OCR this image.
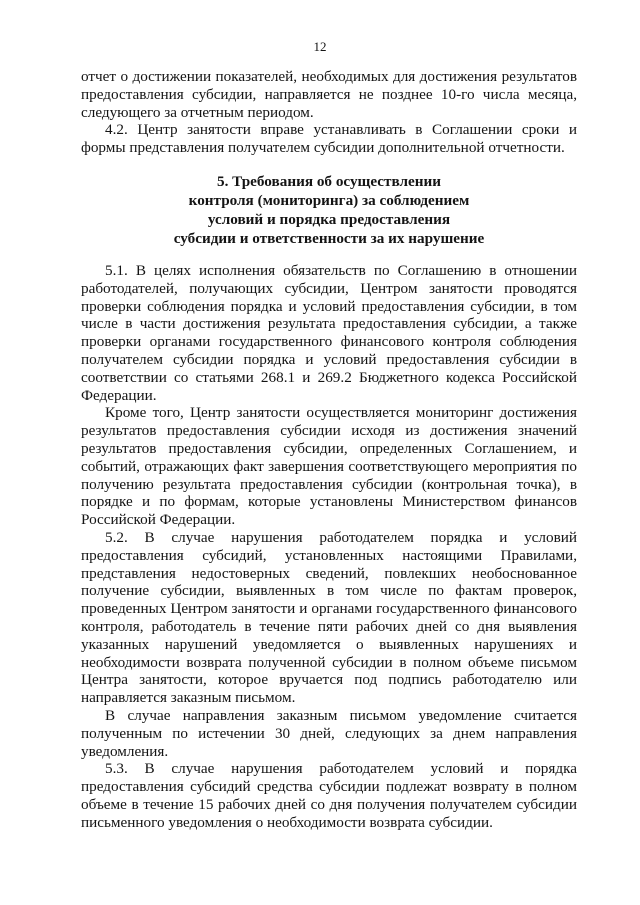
12

отчет о достижении показателей, необходимых для достижения результатов предоставления субсидии, направляется не позднее 10-го числа месяца, следующего за отчетным периодом.

4.2. Центр занятости вправе устанавливать в Соглашении сроки и формы представления получателем субсидии дополнительной отчетности.

5. Требования об осуществлении
контроля (мониторинга) за соблюдением
условий и порядка предоставления
субсидии и ответственности за их нарушение

5.1. В целях исполнения обязательств по Соглашению в отношении работодателей, получающих субсидии, Центром занятости проводятся проверки соблюдения порядка и условий предоставления субсидии, в том числе в части достижения результата предоставления субсидии, а также проверки органами государственного финансового контроля соблюдения получателем субсидии порядка и условий предоставления субсидии в соответствии со статьями 268.1 и 269.2 Бюджетного кодекса Российской Федерации.

Кроме того, Центр занятости осуществляется мониторинг достижения результатов предоставления субсидии исходя из достижения значений результатов предоставления субсидии, определенных Соглашением, и событий, отражающих факт завершения соответствующего мероприятия по получению результата предоставления субсидии (контрольная точка), в порядке и по формам, которые установлены Министерством финансов Российской Федерации.

5.2. В случае нарушения работодателем порядка и условий предоставления субсидий, установленных настоящими Правилами, представления недостоверных сведений, повлекших необоснованное получение субсидии, выявленных в том числе по фактам проверок, проведенных Центром занятости и органами государственного финансового контроля, работодатель в течение пяти рабочих дней со дня выявления указанных нарушений уведомляется о выявленных нарушениях и необходимости возврата полученной субсидии в полном объеме письмом Центра занятости, которое вручается под подпись работодателю или направляется заказным письмом.

В случае направления заказным письмом уведомление считается полученным по истечении 30 дней, следующих за днем направления уведомления.

5.3. В случае нарушения работодателем условий и порядка предоставления субсидий средства субсидии подлежат возврату в полном объеме в течение 15 рабочих дней со дня получения получателем субсидии письменного уведомления о необходимости возврата субсидии.
